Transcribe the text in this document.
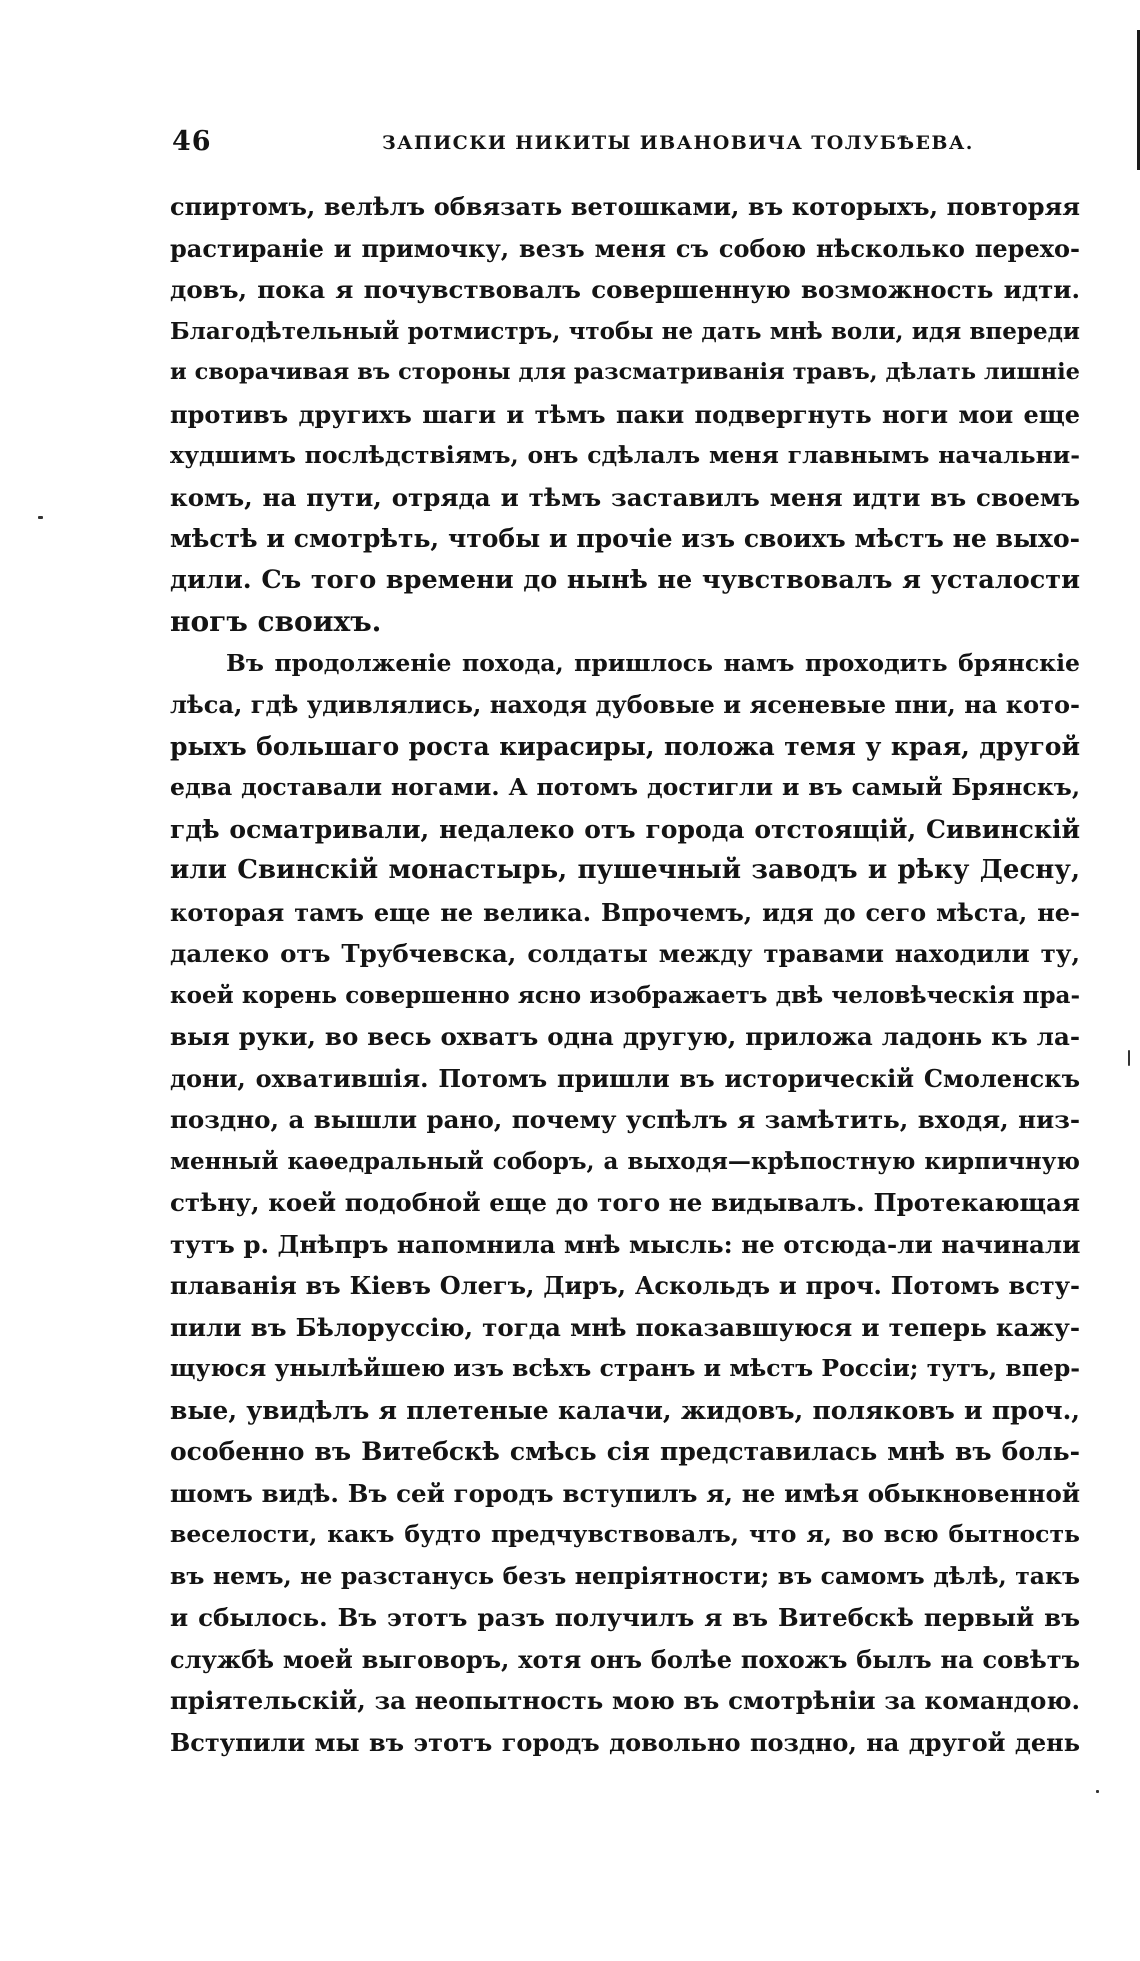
46	ЗАПИСКИ НИКИТЫ ИВАНОВИЧА ТОЛУБѢЕВА.
спиртомъ, велѣлъ обвязать ветошками, въ которыхъ, повторяя
растираніе и примочку, везъ меня съ собою нѣсколько перехо-
довъ, пока я почувствовалъ совершенную возможность идти.
Благодѣтельный ротмистръ, чтобы не дать мнѣ воли, идя впереди
и сворачивая въ стороны для разсматриванія травъ, дѣлать лишніе
противъ другихъ шаги и тѣмъ паки подвергнуть ноги мои еще
худшимъ послѣдствіямъ, онъ сдѣлалъ меня главнымъ начальни-
комъ, на пути, отряда и тѣмъ заставилъ меня идти въ своемъ
мѣстѣ и смотрѣть, чтобы и прочіе изъ своихъ мѣстъ не выхо-
дили. Съ того времени до нынѣ не чувствовалъ я усталости
ногъ своихъ.
Въ продолженіе похода, пришлось намъ проходить брянскіе
лѣса, гдѣ удивлялись, находя дубовые и ясеневые пни, на кото-
рыхъ большаго роста кирасиры, положа темя у края, другой
едва доставали ногами. А потомъ достигли и въ самый Брянскъ,
гдѣ осматривали, недалеко отъ города отстоящій, Сивинскій
или Свинскій монастырь, пушечный заводъ и рѣку Десну,
которая тамъ еще не велика. Впрочемъ, идя до сего мѣста, не-
далеко отъ Трубчевска, солдаты между травами находили ту,
коей корень совершенно ясно изображаетъ двѣ человѣческія пра-
выя руки, во весь охватъ одна другую, приложа ладонь къ ла-
дони, охватившія. Потомъ пришли въ историческій Смоленскъ
поздно, а вышли рано, почему успѣлъ я замѣтить, входя, низ-
менный каѳедральный соборъ, а выходя—крѣпостную кирпичную
стѣну, коей подобной еще до того не видывалъ. Протекающая
тутъ р. Днѣпръ напомнила мнѣ мысль: не отсюда-ли начинали
плаванія въ Кіевъ Олегъ, Диръ, Аскольдъ и проч. Потомъ всту-
пили въ Бѣлоруссію, тогда мнѣ показавшуюся и теперь кажу-
щуюся унылѣйшею изъ всѣхъ странъ и мѣстъ Россіи; тутъ, впер-
вые, увидѣлъ я плетеные калачи, жидовъ, поляковъ и проч.,
особенно въ Витебскѣ смѣсь сія представилась мнѣ въ боль-
шомъ видѣ. Въ сей городъ вступилъ я, не имѣя обыкновенной
веселости, какъ будто предчувствовалъ, что я, во всю бытность
въ немъ, не разстанусь безъ непріятности; въ самомъ дѣлѣ, такъ
и сбылось. Въ этотъ разъ получилъ я въ Витебскѣ первый въ
службѣ моей выговоръ, хотя онъ болѣе похожъ былъ на совѣтъ
пріятельскій, за неопытность мою въ смотрѣніи за командою.
Вступили мы въ этотъ городъ довольно поздно, на другой день
